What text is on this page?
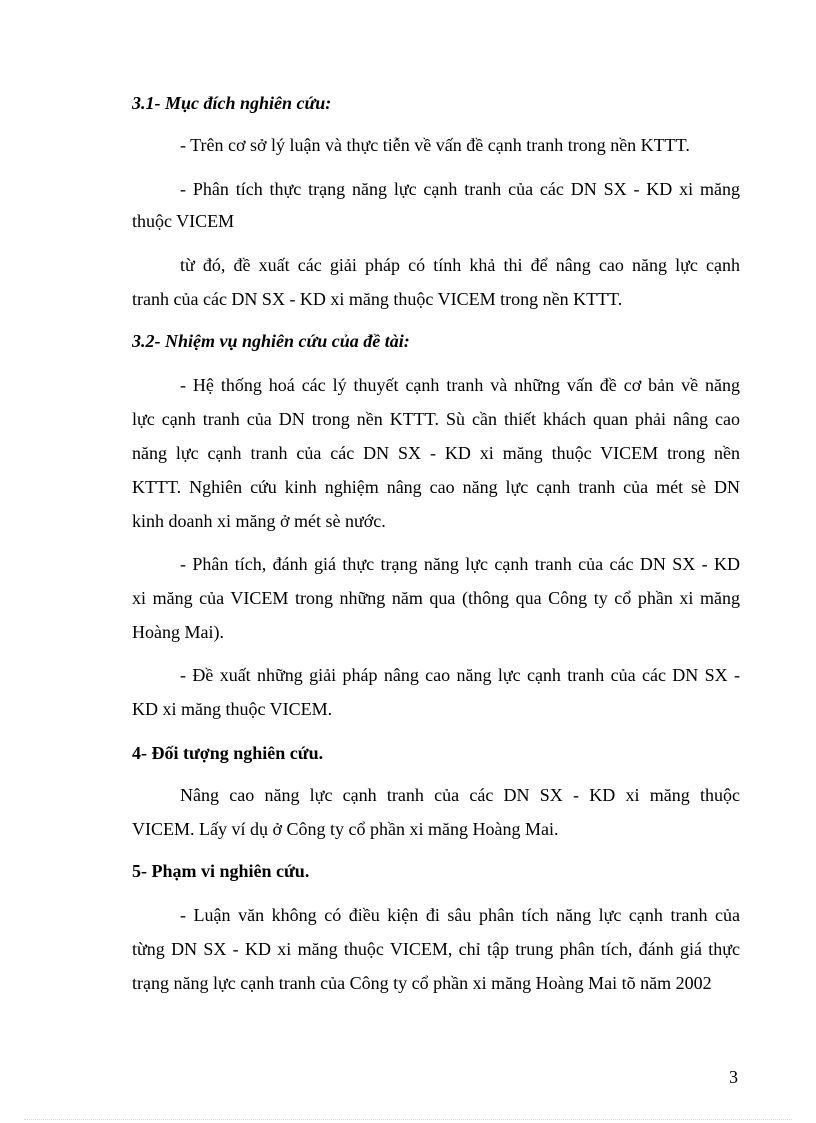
3.1- Mục đích nghiên cứu:
- Trên cơ sở lý luận và thực tiễn về vấn đề cạnh tranh trong nền KTTT.
- Phân tích thực trạng năng lực cạnh tranh của các DN SX - KD xi măng
thuộc VICEM
từ đó, đề xuất các giải pháp có tính khả thi để nâng cao năng lực cạnh
tranh của các DN SX - KD xi măng thuộc VICEM trong nền KTTT.
3.2- Nhiệm vụ nghiên cứu của đề tài:
- Hệ thống hoá các lý thuyết cạnh tranh và những vấn đề cơ bản về năng
lực cạnh tranh của DN trong nền KTTT. Sù cần thiết khách quan phải nâng cao
năng lực cạnh tranh của các DN SX - KD xi măng thuộc VICEM trong nền
KTTT. Nghiên cứu kinh nghiệm nâng cao năng lực cạnh tranh của mét sè DN
kinh doanh xi măng ở mét sè nước.
- Phân tích, đánh giá thực trạng năng lực cạnh tranh của các DN SX - KD
xi măng của VICEM trong những năm qua (thông qua Công ty cổ phần xi măng
Hoàng Mai).
- Đề xuất những giải pháp nâng cao năng lực cạnh tranh của các DN SX -
KD xi măng thuộc VICEM.
4- Đối tượng nghiên cứu.
Nâng cao năng lực cạnh tranh của các DN SX - KD xi măng thuộc
VICEM. Lấy ví dụ ở Công ty cổ phần xi măng Hoàng Mai.
5- Phạm vi nghiên cứu.
- Luận văn không có điều kiện đi sâu phân tích năng lực cạnh tranh của
từng DN SX - KD xi măng thuộc VICEM, chỉ tập trung phân tích, đánh giá thực
trạng năng lực cạnh tranh của Công ty cổ phần xi măng Hoàng Mai tõ năm 2002
3
